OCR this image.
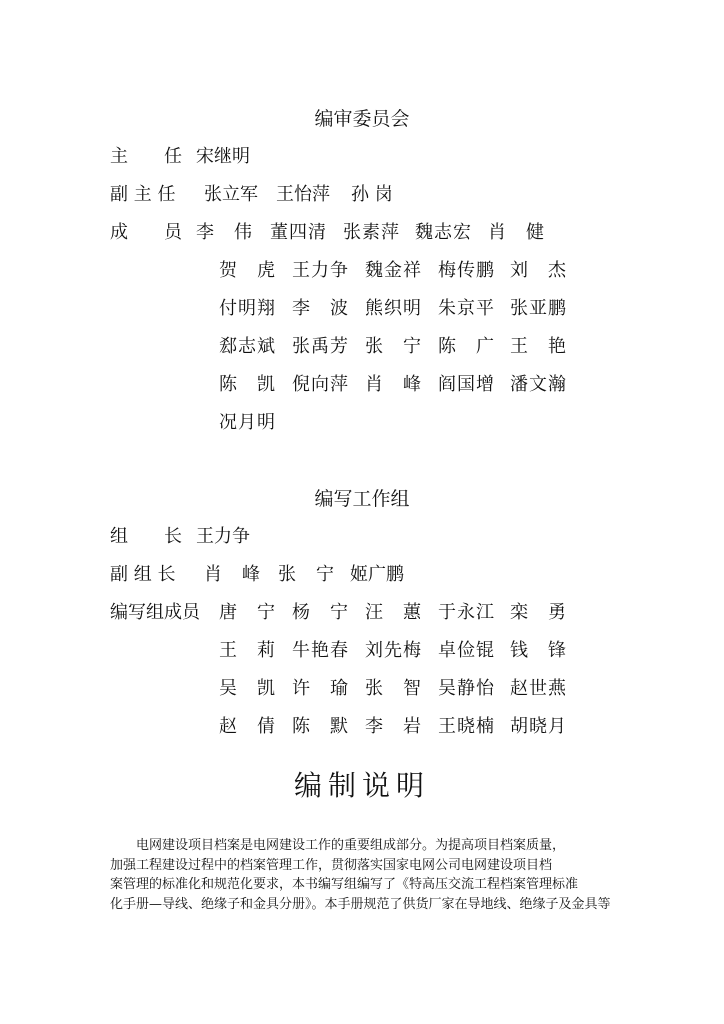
编审委员会
主　　任 宋继明
副 主 任 张立军 王怡萍 孙 岗
成　　员 李 伟 董四清 张素萍 魏志宏 肖 健
贺 虎 王力争 魏金祥 梅传鹏 刘 杰
付明翔 李 波 熊织明 朱京平 张亚鹏
郄志斌 张禹芳 张 宁 陈 广 王 艳
陈 凯 倪向萍 肖 峰 阎国增 潘文瀚
况月明
编写工作组
组　　长 王力争
副 组 长 肖 峰 张 宁 姬广鹏
编写组成员 唐 宁 杨 宁 汪 蕙 于永江 栾 勇
王 莉 牛艳春 刘先梅 卓俭锟 钱 锋
吴 凯 许 瑜 张 智 吴静怡 赵世燕
赵 倩 陈 默 李 岩 王晓楠 胡晓月
编制说明
　　电网建设项目档案是电网建设工作的重要组成部分。为提高项目档案质量，
加强工程建设过程中的档案管理工作，贯彻落实国家电网公司电网建设项目档
案管理的标准化和规范化要求，本书编写组编写了《特高压交流工程档案管理标准
化手册—导线、绝缘子和金具分册》。本手册规范了供货厂家在导地线、绝缘子及金具等
